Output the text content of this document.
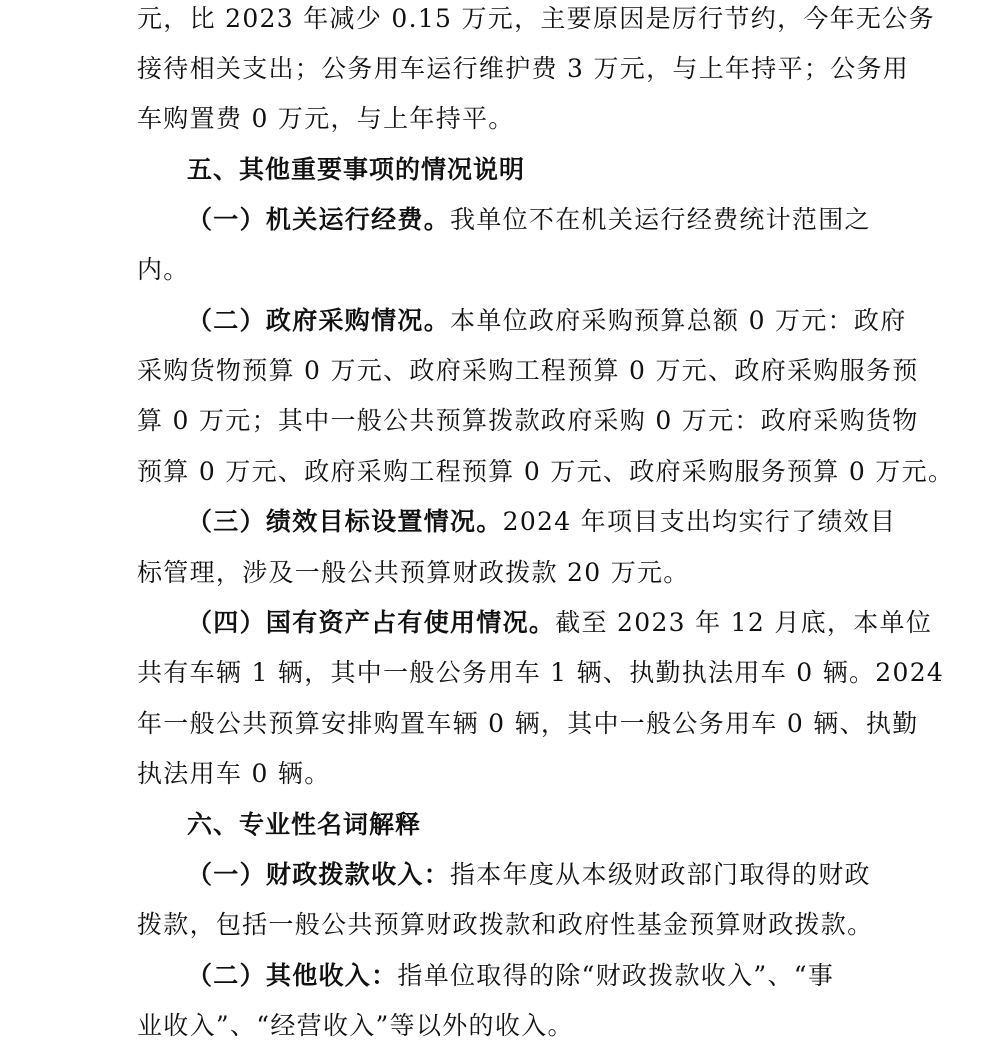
元，比 2023 年减少 0.15 万元，主要原因是厉行节约，今年无公务
接待相关支出；公务用车运行维护费 3 万元，与上年持平；公务用
车购置费 0 万元，与上年持平。
五、其他重要事项的情况说明
（一）机关运行经费。我单位不在机关运行经费统计范围之
内。
（二）政府采购情况。本单位政府采购预算总额 0 万元：政府
采购货物预算 0 万元、政府采购工程预算 0 万元、政府采购服务预
算 0 万元；其中一般公共预算拨款政府采购 0 万元：政府采购货物
预算 0 万元、政府采购工程预算 0 万元、政府采购服务预算 0 万元。
（三）绩效目标设置情况。2024 年项目支出均实行了绩效目
标管理，涉及一般公共预算财政拨款 20 万元。
（四）国有资产占有使用情况。截至 2023 年 12 月底，本单位
共有车辆 1 辆，其中一般公务用车 1 辆、执勤执法用车 0 辆。2024
年一般公共预算安排购置车辆 0 辆，其中一般公务用车 0 辆、执勤
执法用车 0 辆。
六、专业性名词解释
（一）财政拨款收入：指本年度从本级财政部门取得的财政
拨款，包括一般公共预算财政拨款和政府性基金预算财政拨款。
（二）其他收入：指单位取得的除“财政拨款收入”、“事
业收入”、“经营收入”等以外的收入。
